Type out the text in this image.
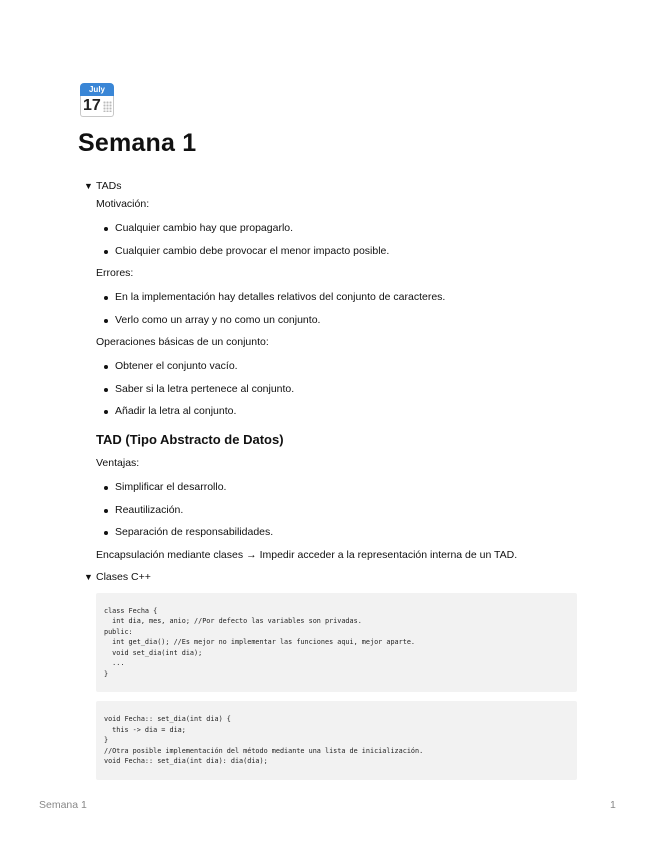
July
17
Semana 1
▼ TADs

Motivación:

Cualquier cambio hay que propagarlo.
Cualquier cambio debe provocar el menor impacto posible.

Errores:

En la implementación hay detalles relativos del conjunto de caracteres.
Verlo como un array y no como un conjunto.

Operaciones básicas de un conjunto:

Obtener el conjunto vacío.
Saber si la letra pertenece al conjunto.
Añadir la letra al conjunto.
TAD (Tipo Abstracto de Datos)

Ventajas:

Simplificar el desarrollo.
Reautilización.
Separación de responsabilidades.

Encapsulación mediante clases → Impedir acceder a la representación interna de un TAD.

▼ Clases C++
class Fecha {
int dia, mes, anio; //Por defecto las variables son privadas.
public:
int get_dia(); //Es mejor no implementar las funciones aqui, mejor aparte.
void set_dia(int dia);
...
}
void Fecha:: set_dia(int dia) {
this -> dia = dia;
}
//Otra posible implementación del método mediante una lista de inicialización.
void Fecha:: set_dia(int dia): dia(dia);
Semana 1	1
